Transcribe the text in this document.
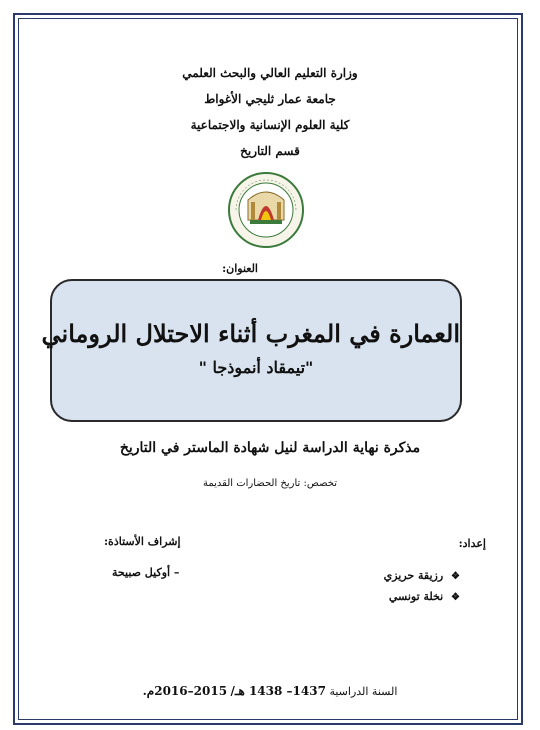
وزارة التعليم العالي والبحث العلمي
جامعة عمار ثليجي الأغواط
كلية العلوم الإنسانية والاجتماعية
قسم التاريخ
العنوان:
العمارة في المغرب أثناء الاحتلال الروماني
"تيمقاد أنموذجا "
مذكرة نهاية الدراسة لنيل شهادة الماستر في التاريخ
تخصص: تاريخ الحضارات القديمة
إعداد:
إشراف الأستاذة:
❖ رزيقة حريزي
❖ نخلة تونسي
– أوكيل صبيحة
السنة الدراسية 1437– 1438 هـ/ 2015–2016م.
